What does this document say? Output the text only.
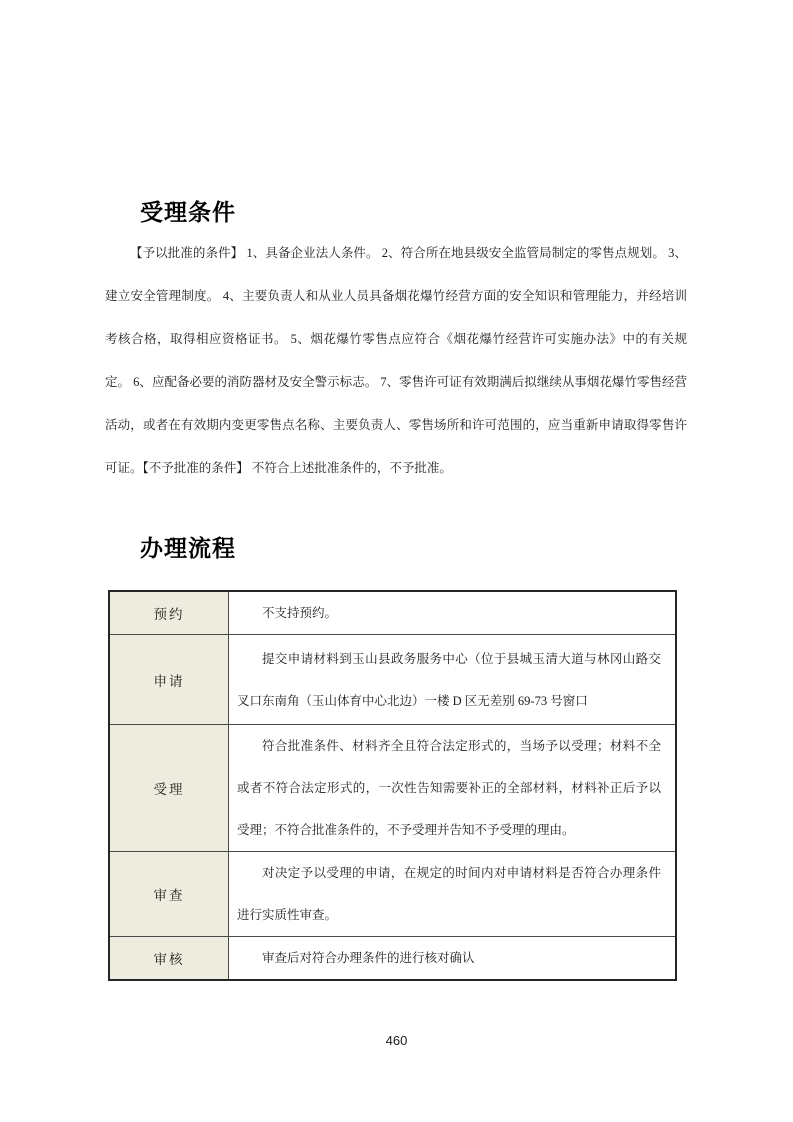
受理条件

【予以批准的条件】 1、具备企业法人条件。 2、符合所在地县级安全监管局制定的零售点规划。 3、建立安全管理制度。 4、主要负责人和从业人员具备烟花爆竹经营方面的安全知识和管理能力，并经培训考核合格，取得相应资格证书。 5、烟花爆竹零售点应符合《烟花爆竹经营许可实施办法》中的有关规定。 6、应配备必要的消防器材及安全警示标志。 7、零售许可证有效期满后拟继续从事烟花爆竹零售经营活动，或者在有效期内变更零售点名称、主要负责人、零售场所和许可范围的，应当重新申请取得零售许可证。【不予批准的条件】 不符合上述批准条件的，不予批准。

办理流程
预约	不支持预约。

申请	提交申请材料到玉山县政务服务中心（位于县城玉清大道与林冈山路交叉口东南角（玉山体育中心北边）一楼 D 区无差别 69-73 号窗口

受理	符合批准条件、材料齐全且符合法定形式的，当场予以受理；材料不全或者不符合法定形式的，一次性告知需要补正的全部材料，材料补正后予以受理；不符合批准条件的，不予受理并告知不予受理的理由。

审查	对决定予以受理的申请，在规定的时间内对申请材料是否符合办理条件进行实质性审查。

审核	审查后对符合办理条件的进行核对确认

460
